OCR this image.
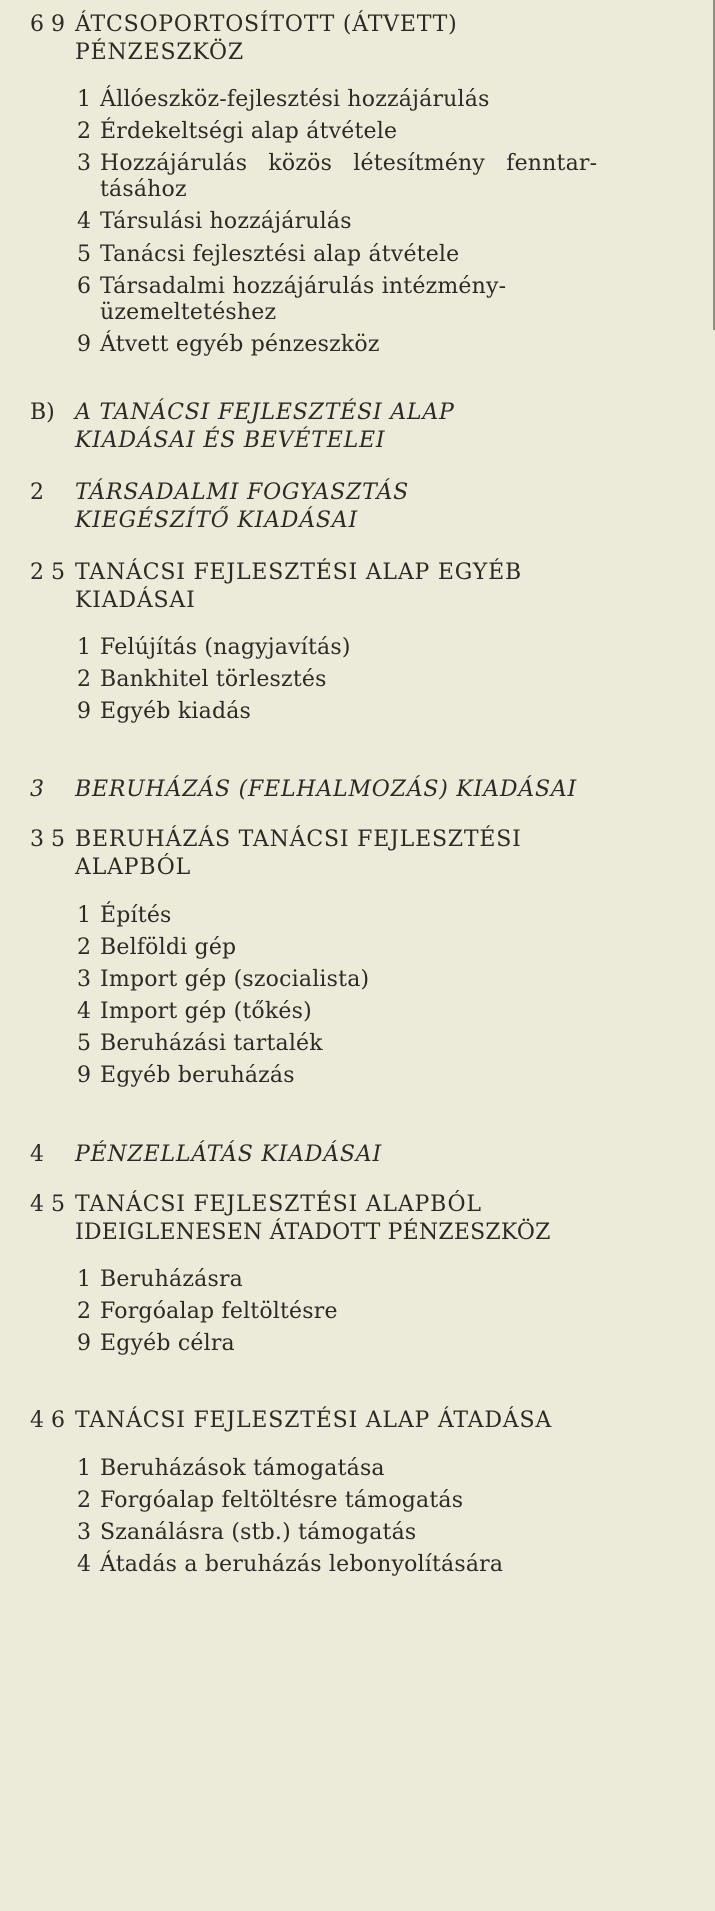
6 9 ÁTCSOPORTOSÍTOTT (ÁTVETT)
PÉNZESZKÖZ
1 Állóeszköz-fejlesztési hozzájárulás
2 Érdekeltségi alap átvétele
3 Hozzájárulás közös létesítmény fenntar-
tásához
4 Társulási hozzájárulás
5 Tanácsi fejlesztési alap átvétele
6 Társadalmi hozzájárulás intézmény-
üzemeltetéshez
9 Átvett egyéb pénzeszköz
B) A TANÁCSI FEJLESZTÉSI ALAP
KIADÁSAI ÉS BEVÉTELEI
2 TÁRSADALMI FOGYASZTÁS
KIEGÉSZÍTŐ KIADÁSAI
2 5 TANÁCSI FEJLESZTÉSI ALAP EGYÉB
KIADÁSAI
1 Felújítás (nagyjavítás)
2 Bankhitel törlesztés
9 Egyéb kiadás
3 BERUHÁZÁS (FELHALMOZÁS) KIADÁSAI
3 5 BERUHÁZÁS TANÁCSI FEJLESZTÉSI
ALAPBÓL
1 Építés
2 Belföldi gép
3 Import gép (szocialista)
4 Import gép (tőkés)
5 Beruházási tartalék
9 Egyéb beruházás
4 PÉNZELLÁTÁS KIADÁSAI
4 5 TANÁCSI FEJLESZTÉSI ALAPBÓL
IDEIGLENESEN ÁTADOTT PÉNZESZKÖZ
1 Beruházásra
2 Forgóalap feltöltésre
9 Egyéb célra
4 6 TANÁCSI FEJLESZTÉSI ALAP ÁTADÁSA
1 Beruházások támogatása
2 Forgóalap feltöltésre támogatás
3 Szanálásra (stb.) támogatás
4 Átadás a beruházás lebonyolítására
